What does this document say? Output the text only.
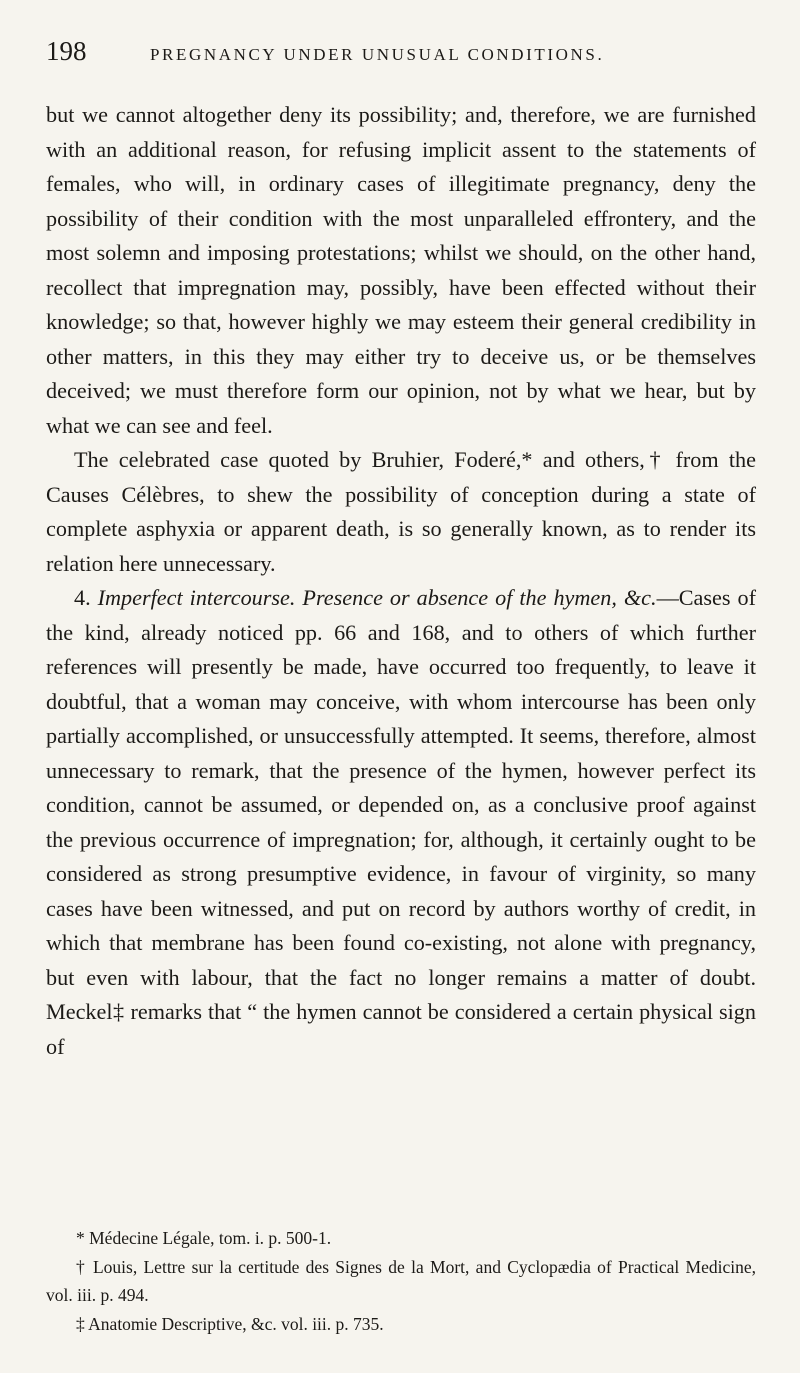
198	PREGNANCY UNDER UNUSUAL CONDITIONS.

but we cannot altogether deny its possibility; and, therefore, we are furnished with an additional reason, for refusing implicit assent to the statements of females, who will, in ordinary cases of illegitimate pregnancy, deny the possibility of their condition with the most unparalleled effrontery, and the most solemn and imposing protestations; whilst we should, on the other hand, recollect that impregnation may, possibly, have been effected without their knowledge; so that, however highly we may esteem their general credibility in other matters, in this they may either try to deceive us, or be themselves deceived; we must therefore form our opinion, not by what we hear, but by what we can see and feel.

The celebrated case quoted by Bruhier, Foderé,* and others,† from the Causes Célèbres, to shew the possibility of conception during a state of complete asphyxia or apparent death, is so generally known, as to render its relation here unnecessary.

4. Imperfect intercourse. Presence or absence of the hymen, &c.—Cases of the kind, already noticed pp. 66 and 168, and to others of which further references will presently be made, have occurred too frequently, to leave it doubtful, that a woman may conceive, with whom intercourse has been only partially accomplished, or unsuccessfully attempted. It seems, therefore, almost unnecessary to remark, that the presence of the hymen, however perfect its condition, cannot be assumed, or depended on, as a conclusive proof against the previous occurrence of impregnation; for, although, it certainly ought to be considered as strong presumptive evidence, in favour of virginity, so many cases have been witnessed, and put on record by authors worthy of credit, in which that membrane has been found co-existing, not alone with pregnancy, but even with labour, that the fact no longer remains a matter of doubt. Meckel‡ remarks that “ the hymen cannot be considered a certain physical sign of

* Médecine Légale, tom. i. p. 500-1.

† Louis, Lettre sur la certitude des Signes de la Mort, and Cyclopædia of Practical Medicine, vol. iii. p. 494.

‡ Anatomie Descriptive, &c. vol. iii. p. 735.
